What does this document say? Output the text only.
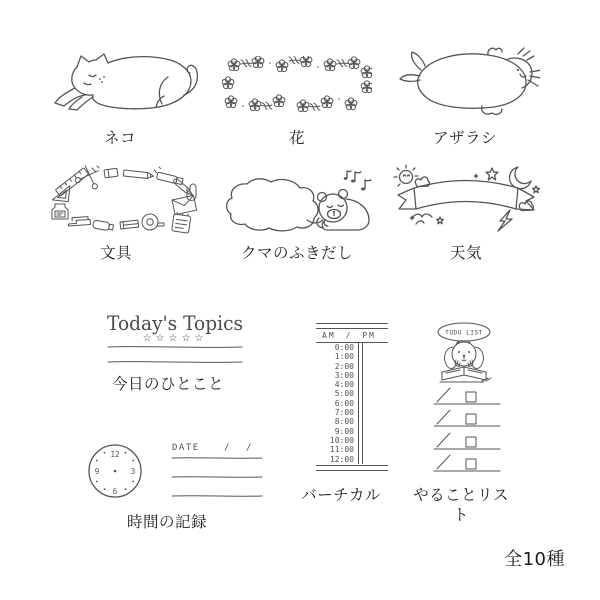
ネコ	花	アザラシ
文具	クマのふきだし	天気
Today's Topics
☆☆☆☆☆
今日のひとこと
AM / PM
0:00
1:00
2:00
3:00
4:00
5:00
6:00
7:00
8:00
9:00
10:00
11:00
12:00
バーチカル
TODO LIST
やることリスト
12
3
6
9
DATE	/ /
時間の記録
全10種
